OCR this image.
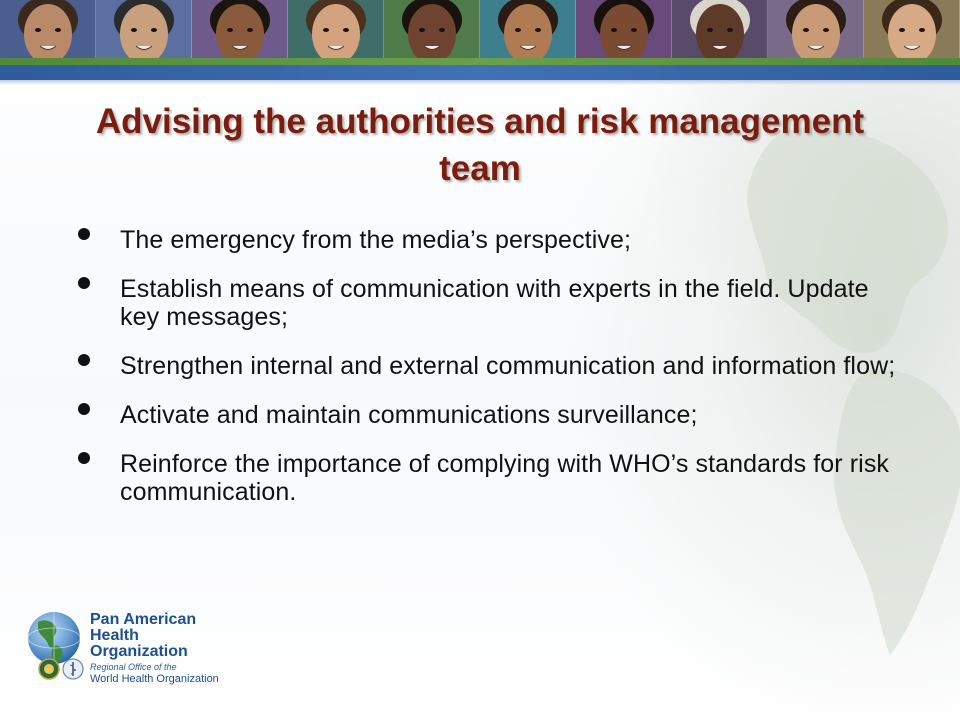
Advising the authorities and risk management team
The emergency from the media’s perspective;
Establish means of communication with experts in the field. Update key messages;
Strengthen internal and external communication and information flow;
Activate and maintain communications surveillance;
Reinforce the importance of complying with WHO’s standards for risk communication.
Pan American
Health
Organization
Regional Office of the
World Health Organization
